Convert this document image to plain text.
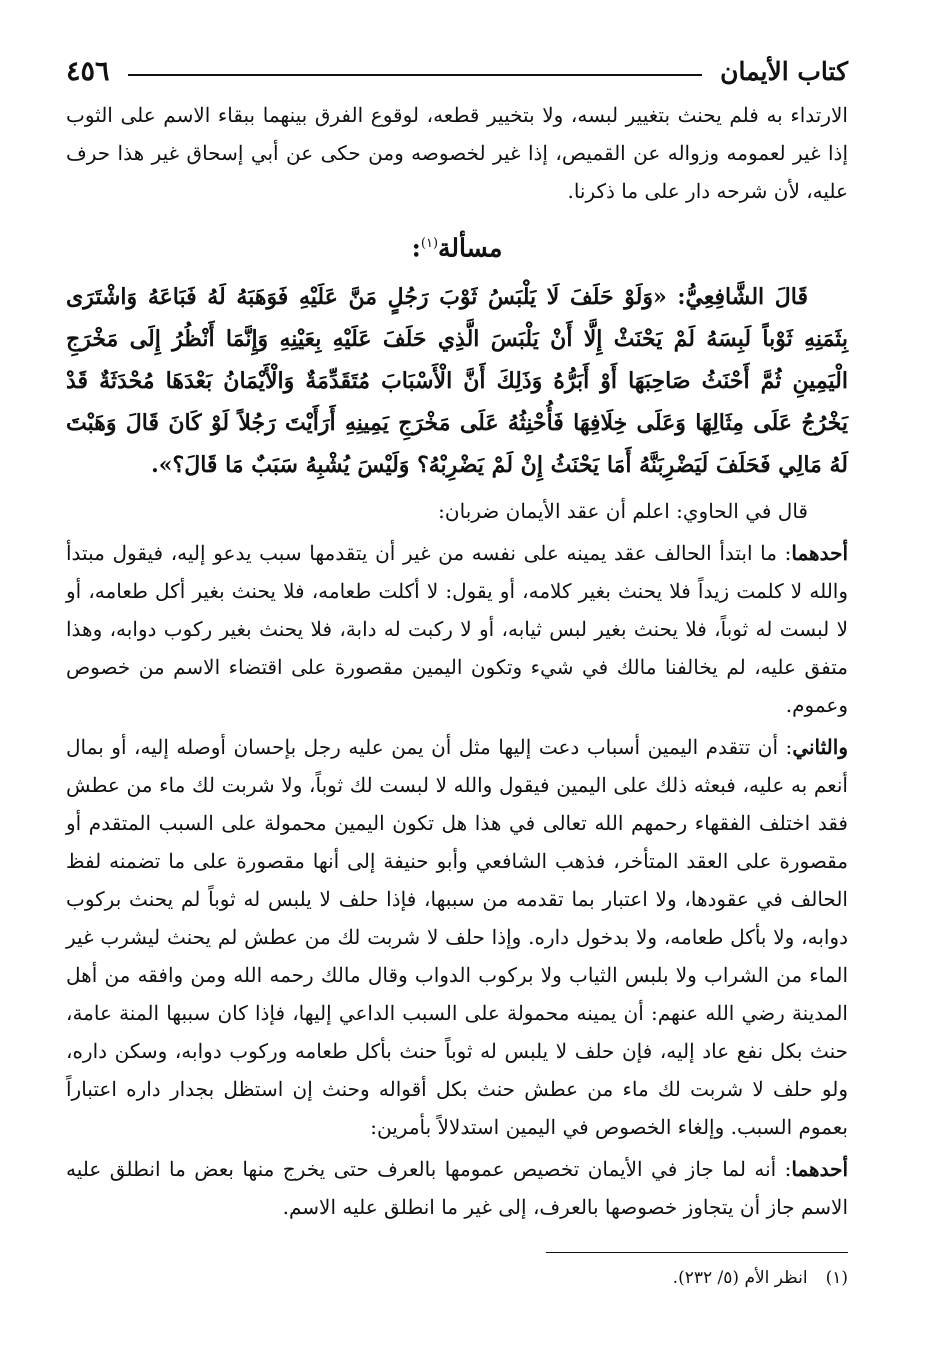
كتاب الأيمان
٤٥٦

الارتداء به فلم يحنث بتغيير لبسه، ولا بتخيير قطعه، لوقوع الفرق بينهما ببقاء الاسم على الثوب إذا غير لعمومه وزواله عن القميص، إذا غير لخصوصه ومن حكى عن أبي إسحاق غير هذا حرف عليه، لأن شرحه دار على ما ذكرنا.

مسألة$^{(١)}$:

قَالَ الشَّافِعِيُّ: «وَلَوْ حَلَفَ لَا يَلْبَسُ ثَوْبَ رَجُلٍ مَنَّ عَلَيْهِ فَوَهَبَهُ لَهُ فَبَاعَهُ وَاشْتَرَى بِثَمَنِهِ ثَوْباً لَبِسَهُ لَمْ يَحْنَثْ إِلَّا أَنْ يَلْبَسَ الَّذِي حَلَفَ عَلَيْهِ بِعَيْنِهِ وَإِنَّمَا أَنْظُرُ إِلَى مَخْرَجِ الْيَمِينِ ثُمَّ أَحْنَثُ صَاحِبَهَا أَوْ أَبَرُّهُ وَذَلِكَ أَنَّ الْأَسْبَابَ مُتَقَدِّمَةٌ وَالْأَيْمَانُ بَعْدَهَا مُحْدَثَةٌ قَدْ يَخْرُجُ عَلَى مِثَالِهَا وَعَلَى خِلَافِهَا فَأُحْنِثُهُ عَلَى مَخْرَجِ يَمِينِهِ أَرَأَيْتَ رَجُلاً لَوْ كَانَ قَالَ وَهَبْتَ لَهُ مَالِي فَحَلَفَ لَيَضْرِبَنَّهُ أَمَا يَحْنَثُ إِنْ لَمْ يَضْرِبْهُ؟ وَلَيْسَ يُشْبِهُ سَبَبٌ مَا قَالَ؟».

قال في الحاوي: اعلم أن عقد الأيمان ضربان:

أحدهما: ما ابتدأ الحالف عقد يمينه على نفسه من غير أن يتقدمها سبب يدعو إليه، فيقول مبتدأ والله لا كلمت زيداً فلا يحنث بغير كلامه، أو يقول: لا أكلت طعامه، فلا يحنث بغير أكل طعامه، أو لا لبست له ثوباً، فلا يحنث بغير لبس ثيابه، أو لا ركبت له دابة، فلا يحنث بغير ركوب دوابه، وهذا متفق عليه، لم يخالفنا مالك في شيء وتكون اليمين مقصورة على اقتضاء الاسم من خصوص وعموم.

والثاني: أن تتقدم اليمين أسباب دعت إليها مثل أن يمن عليه رجل بإحسان أوصله إليه، أو بمال أنعم به عليه، فبعثه ذلك على اليمين فيقول والله لا لبست لك ثوباً، ولا شربت لك ماء من عطش فقد اختلف الفقهاء رحمهم الله تعالى في هذا هل تكون اليمين محمولة على السبب المتقدم أو مقصورة على العقد المتأخر، فذهب الشافعي وأبو حنيفة إلى أنها مقصورة على ما تضمنه لفظ الحالف في عقودها، ولا اعتبار بما تقدمه من سببها، فإذا حلف لا يلبس له ثوباً لم يحنث بركوب دوابه، ولا بأكل طعامه، ولا بدخول داره. وإذا حلف لا شربت لك من عطش لم يحنث ليشرب غير الماء من الشراب ولا بلبس الثياب ولا بركوب الدواب وقال مالك رحمه الله ومن وافقه من أهل المدينة رضي الله عنهم: أن يمينه محمولة على السبب الداعي إليها، فإذا كان سببها المنة عامة، حنث بكل نفع عاد إليه، فإن حلف لا يلبس له ثوباً حنث بأكل طعامه وركوب دوابه، وسكن داره، ولو حلف لا شربت لك ماء من عطش حنث بكل أقواله وحنث إن استظل بجدار داره اعتباراً بعموم السبب. وإلغاء الخصوص في اليمين استدلالاً بأمرين:

أحدهما: أنه لما جاز في الأيمان تخصيص عمومها بالعرف حتى يخرج منها بعض ما انطلق عليه الاسم جاز أن يتجاوز خصوصها بالعرف، إلى غير ما انطلق عليه الاسم.

(١)انظر الأم (٥/ ٢٣٢).
